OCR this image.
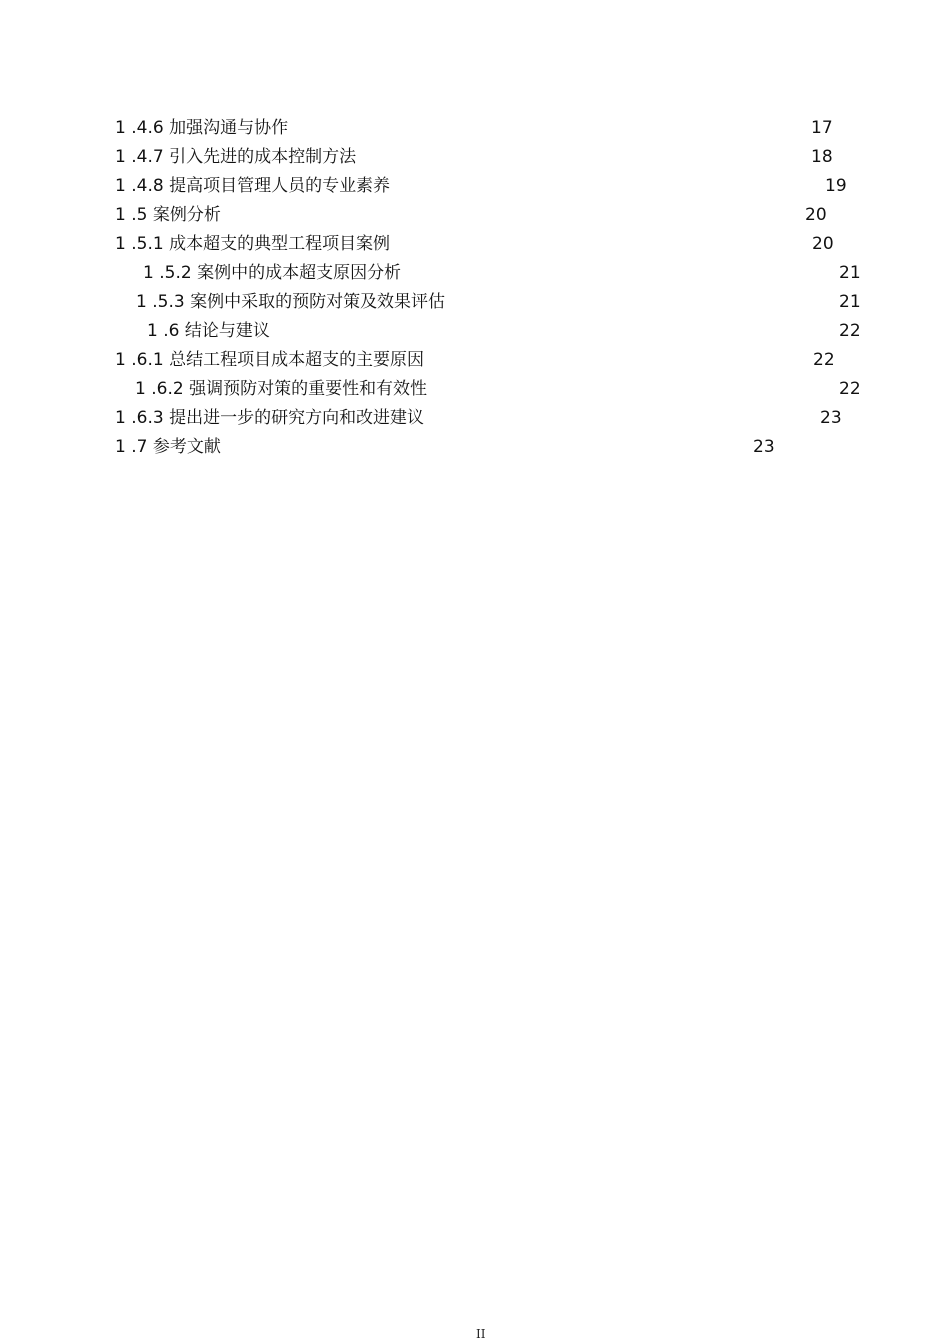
1 .4.6 加强沟通与协作	17
1 .4.7 引入先进的成本控制方法	18
1 .4.8 提高项目管理人员的专业素养	19
1 .5 案例分析	20
1 .5.1 成本超支的典型工程项目案例	20
1 .5.2 案例中的成本超支原因分析	21
1 .5.3 案例中采取的预防对策及效果评估	21
1 .6 结论与建议	22
1 .6.1 总结工程项目成本超支的主要原因	22
1 .6.2 强调预防对策的重要性和有效性	22
1 .6.3 提出进一步的研究方向和改进建议	23
1 .7 参考文献	23
II
